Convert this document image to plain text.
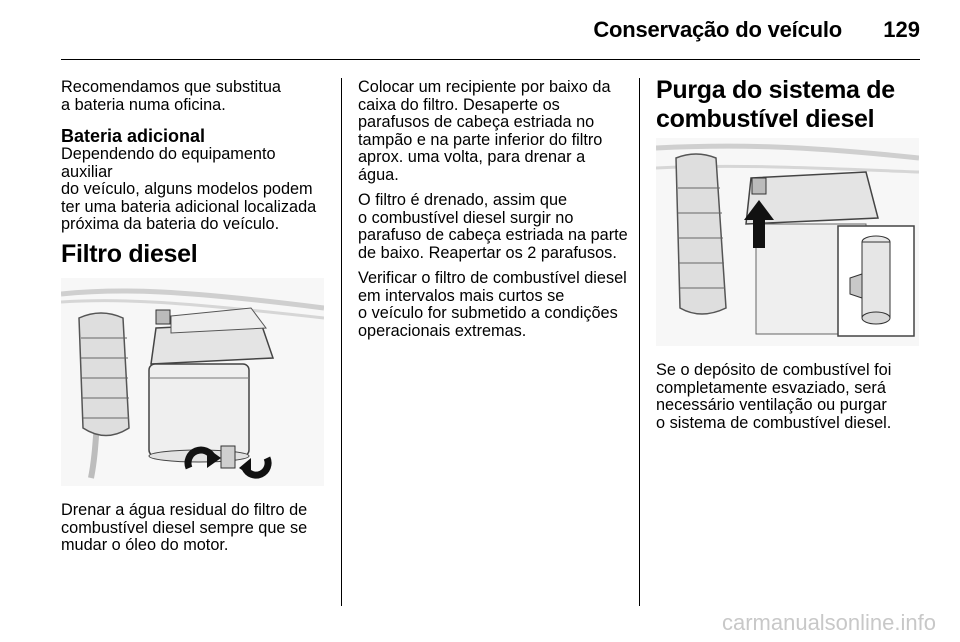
Conservação do veículo 129

Recomendamos que substitua

a bateria numa oficina.

Bateria adicional

Dependendo do equipamento auxiliar

do veículo, alguns modelos podem

ter uma bateria adicional localizada

próxima da bateria do veículo.

Filtro diesel

Drenar a água residual do filtro de

combustível diesel sempre que se

mudar o óleo do motor.

Colocar um recipiente por baixo da

caixa do filtro. Desaperte os

parafusos de cabeça estriada no

tampão e na parte inferior do filtro

aprox. uma volta, para drenar a água.

O filtro é drenado, assim que

o combustível diesel surgir no

parafuso de cabeça estriada na parte

de baixo. Reapertar os 2 parafusos.

Verificar o filtro de combustível diesel

em intervalos mais curtos se

o veículo for submetido a condições

operacionais extremas.

Purga do sistema de
combustível diesel

Se o depósito de combustível foi

completamente esvaziado, será

necessário ventilação ou purgar

o sistema de combustível diesel.

carmanualsonline.info
